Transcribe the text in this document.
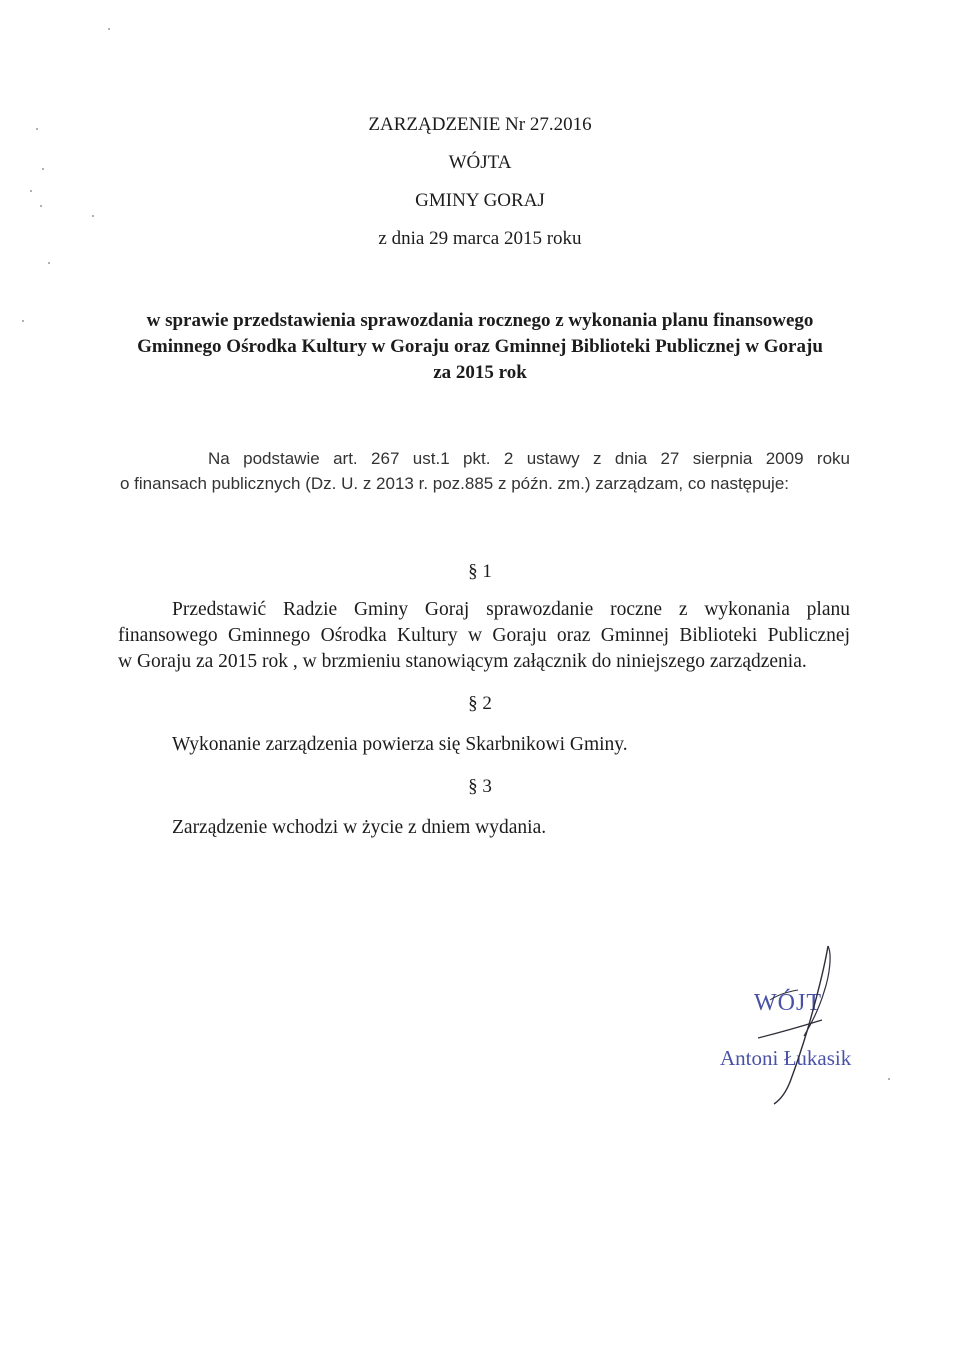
ZARZĄDZENIE Nr 27.2016
WÓJTA
GMINY GORAJ
z dnia 29 marca 2015 roku
w sprawie przedstawienia sprawozdania rocznego z wykonania planu finansowego
Gminnego Ośrodka Kultury w Goraju oraz Gminnej Biblioteki Publicznej w Goraju
za 2015 rok
Na podstawie art. 267 ust.1 pkt. 2 ustawy z dnia 27 sierpnia 2009 roku
o finansach publicznych (Dz. U. z 2013 r. poz.885 z późn. zm.) zarządzam, co następuje:
§ 1
Przedstawić Radzie Gminy Goraj sprawozdanie roczne z wykonania planu
finansowego Gminnego Ośrodka Kultury w Goraju oraz Gminnej Biblioteki Publicznej
w Goraju za 2015 rok , w brzmieniu stanowiącym załącznik do niniejszego zarządzenia.
§ 2
Wykonanie zarządzenia powierza się Skarbnikowi Gminy.
§ 3
Zarządzenie wchodzi w życie z dniem wydania.
WÓJT
Antoni Łukasik
